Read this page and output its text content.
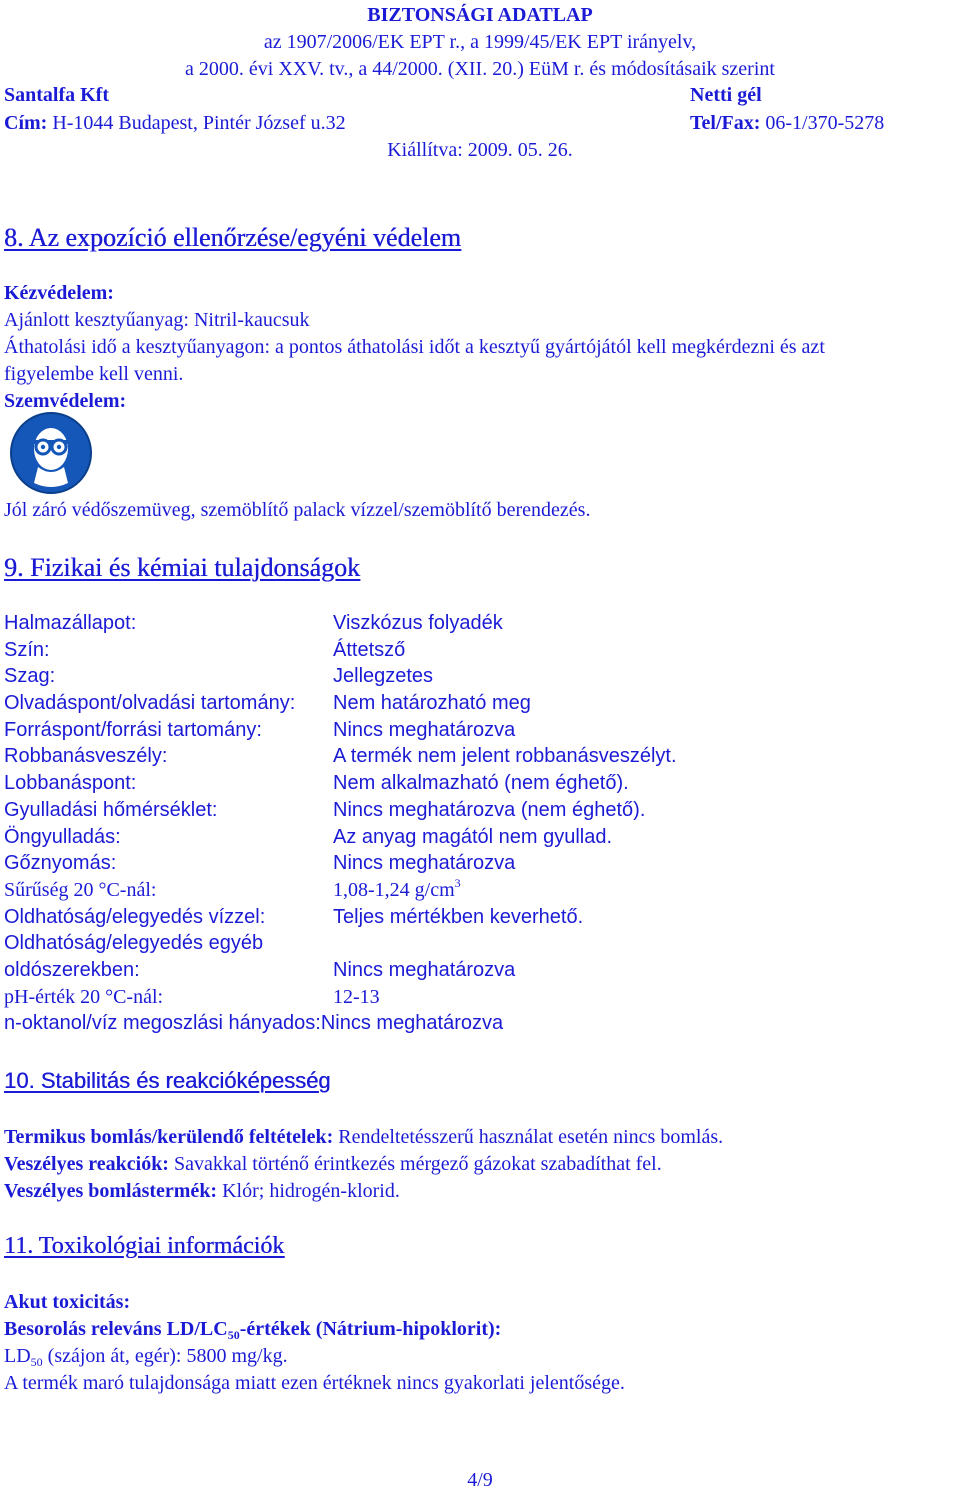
BIZTONSÁGI ADATLAP
az 1907/2006/EK EPT r., a 1999/45/EK EPT irányelv,
a 2000. évi XXV. tv., a 44/2000. (XII. 20.) EüM r. és módosításaik szerint
Santalfa Kft	Netti gél
Cím: H-1044 Budapest, Pintér József u.32	Tel/Fax: 06-1/370-5278
Kiállítva: 2009. 05. 26.
8. Az expozíció ellenőrzése/egyéni védelem
Kézvédelem:
Ajánlott kesztyűanyag: Nitril-kaucsuk
Áthatolási idő a kesztyűanyagon: a pontos áthatolási időt a kesztyű gyártójától kell megkérdezni és azt
figyelembe kell venni.
Szemvédelem:
Jól záró védőszemüveg, szemöblítő palack vízzel/szemöblítő berendezés.
9. Fizikai és kémiai tulajdonságok
Halmazállapot:	Viszkózus folyadék
Szín:	Áttetsző
Szag:	Jellegzetes
Olvadáspont/olvadási tartomány: Nem határozható meg
Forráspont/forrási tartomány:	Nincs meghatározva
Robbanásveszély:	A termék nem jelent robbanásveszélyt.
Lobbanáspont:	Nem alkalmazható (nem éghető).
Gyulladási hőmérséklet:	Nincs meghatározva (nem éghető).
Öngyulladás:	Az anyag magától nem gyullad.
Gőznyomás:	Nincs meghatározva
Sűrűség 20 °C-nál:	1,08-1,24 $g/cm^3$
Oldhatóság/elegyedés vízzel:	Teljes mértékben keverhető.
Oldhatóság/elegyedés egyéb
oldószerekben:	Nincs meghatározva
pH-érték 20 °C-nál:	12-13
n-oktanol/víz megoszlási hányados:Nincs meghatározva
10. Stabilitás és reakcióképesség
Termikus bomlás/kerülendő feltételek: Rendeltetésszerű használat esetén nincs bomlás.
Veszélyes reakciók: Savakkal történő érintkezés mérgező gázokat szabadíthat fel.
Veszélyes bomlástermék: Klór; hidrogén-klorid.
11. Toxikológiai információk
Akut toxicitás:
Besorolás releváns $LD/LC_{50}$-értékek (Nátrium-hipoklorit):
$LD_{50}$ (szájon át, egér): 5800 mg/kg.
A termék maró tulajdonsága miatt ezen értéknek nincs gyakorlati jelentősége.
4/9
